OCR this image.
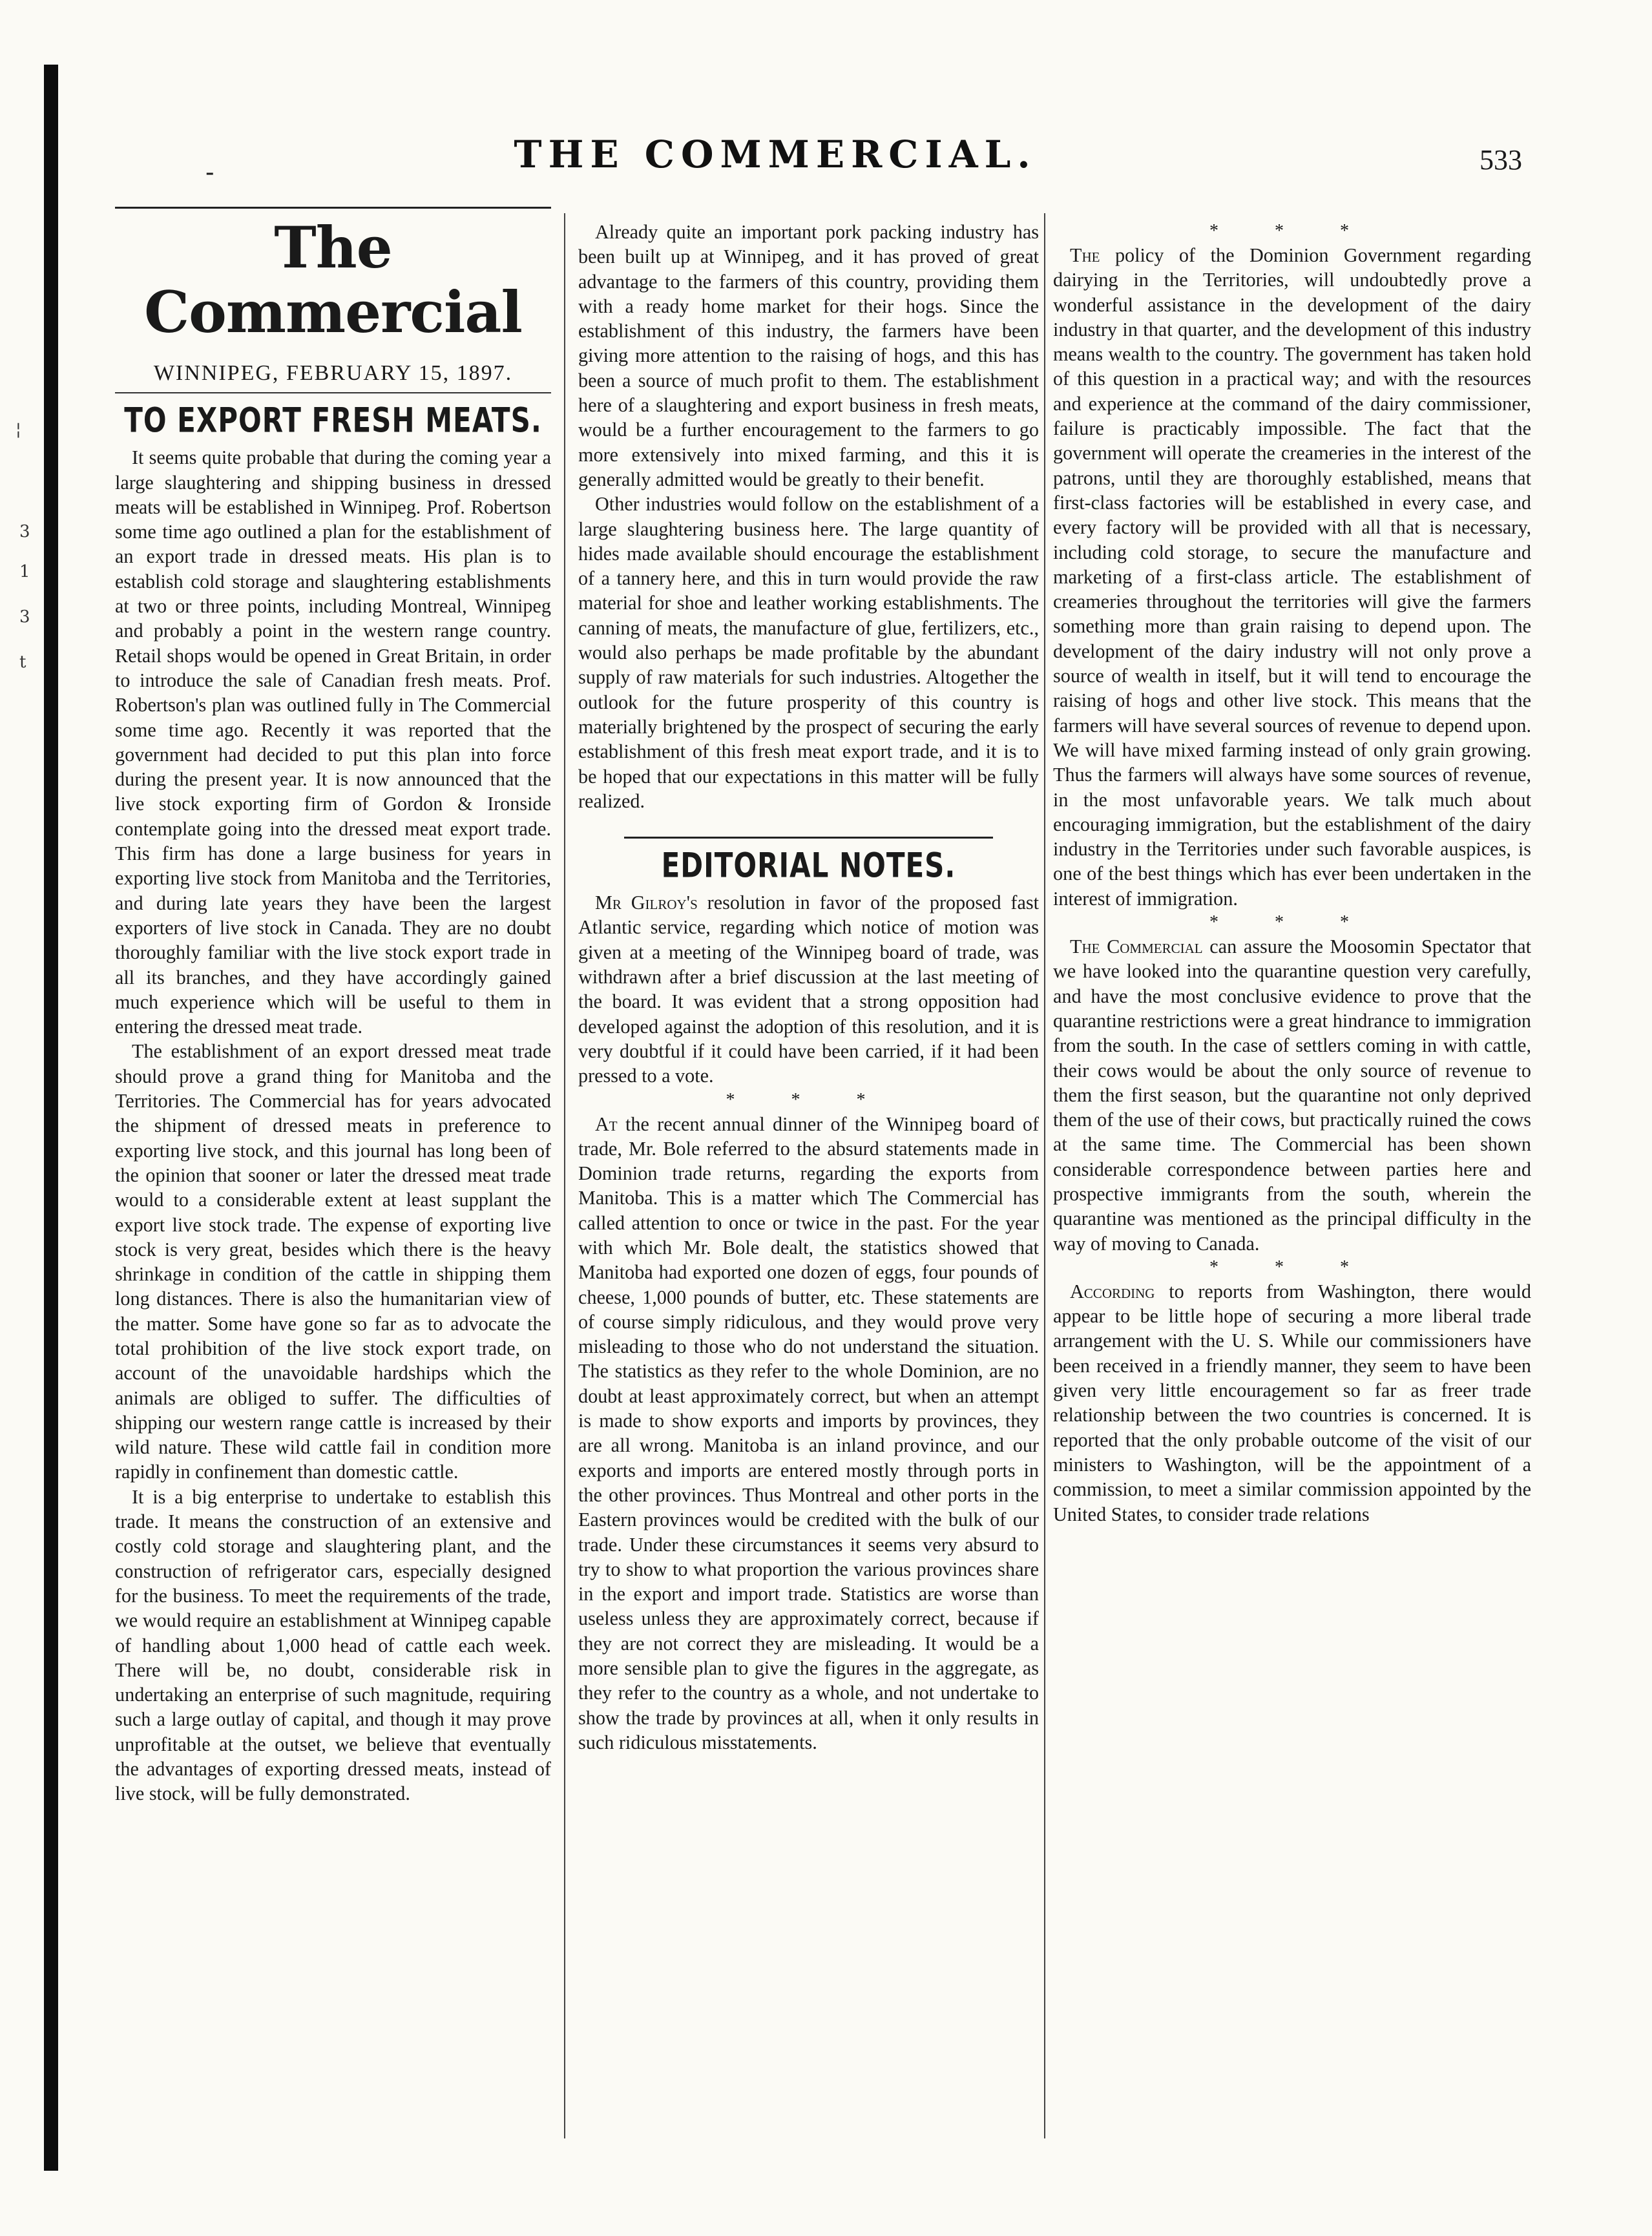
¦
3
1
3
t
-	THE COMMERCIAL.	533
The Commercial
WINNIPEG, FEBRUARY 15, 1897.
TO EXPORT FRESH MEATS.

It seems quite probable that during the coming year a large slaughtering and shipping business in dressed meats will be established in Winnipeg. Prof. Robertson some time ago outlined a plan for the establishment of an export trade in dressed meats. His plan is to establish cold storage and slaughtering establishments at two or three points, including Montreal, Winnipeg and probably a point in the western range country. Retail shops would be opened in Great Britain, in order to introduce the sale of Canadian fresh meats. Prof. Robertson's plan was outlined fully in The Commercial some time ago. Recently it was reported that the government had decided to put this plan into force during the present year. It is now announced that the live stock exporting firm of Gordon & Ironside contemplate going into the dressed meat export trade. This firm has done a large business for years in exporting live stock from Manitoba and the Territories, and during late years they have been the largest exporters of live stock in Canada. They are no doubt thoroughly familiar with the live stock export trade in all its branches, and they have accordingly gained much experience which will be useful to them in entering the dressed meat trade.

The establishment of an export dressed meat trade should prove a grand thing for Manitoba and the Territories. The Commercial has for years advocated the shipment of dressed meats in preference to exporting live stock, and this journal has long been of the opinion that sooner or later the dressed meat trade would to a considerable extent at least supplant the export live stock trade. The expense of exporting live stock is very great, besides which there is the heavy shrinkage in condition of the cattle in shipping them long distances. There is also the humanitarian view of the matter. Some have gone so far as to advocate the total prohibition of the live stock export trade, on account of the unavoidable hardships which the animals are obliged to suffer. The difficulties of shipping our western range cattle is increased by their wild nature. These wild cattle fail in condition more rapidly in confinement than domestic cattle.

It is a big enterprise to undertake to establish this trade. It means the construction of an extensive and costly cold storage and slaughtering plant, and the construction of refrigerator cars, especially designed for the business. To meet the requirements of the trade, we would require an establishment at Winnipeg capable of handling about 1,000 head of cattle each week. There will be, no doubt, considerable risk in undertaking an enterprise of such magnitude, requiring such a large outlay of capital, and though it may prove unprofitable at the outset, we believe that eventually the advantages of exporting dressed meats, instead of live stock, will be fully demonstrated.

Already quite an important pork packing industry has been built up at Winnipeg, and it has proved of great advantage to the farmers of this country, providing them with a ready home market for their hogs. Since the establishment of this industry, the farmers have been giving more attention to the raising of hogs, and this has been a source of much profit to them. The establishment here of a slaughtering and export business in fresh meats, would be a further encouragement to the farmers to go more extensively into mixed farming, and this it is generally admitted would be greatly to their benefit.

Other industries would follow on the establishment of a large slaughtering business here. The large quantity of hides made available should encourage the establishment of a tannery here, and this in turn would provide the raw material for shoe and leather working establishments. The canning of meats, the manufacture of glue, fertilizers, etc., would also perhaps be made profitable by the abundant supply of raw materials for such industries. Altogether the outlook for the future prosperity of this country is materially brightened by the prospect of securing the early establishment of this fresh meat export trade, and it is to be hoped that our expectations in this matter will be fully realized.

EDITORIAL NOTES.

Mr Gilroy's resolution in favor of the proposed fast Atlantic service, regarding which notice of motion was given at a meeting of the Winnipeg board of trade, was withdrawn after a brief discussion at the last meeting of the board. It was evident that a strong opposition had developed against the adoption of this resolution, and it is very doubtful if it could have been carried, if it had been pressed to a vote.

* * *

At the recent annual dinner of the Winnipeg board of trade, Mr. Bole referred to the absurd statements made in Dominion trade returns, regarding the exports from Manitoba. This is a matter which The Commercial has called attention to once or twice in the past. For the year with which Mr. Bole dealt, the statistics showed that Manitoba had exported one dozen of eggs, four pounds of cheese, 1,000 pounds of butter, etc. These statements are of course simply ridiculous, and they would prove very misleading to those who do not understand the situation. The statistics as they refer to the whole Dominion, are no doubt at least approximately correct, but when an attempt is made to show exports and imports by provinces, they are all wrong. Manitoba is an inland province, and our exports and imports are entered mostly through ports in the other provinces. Thus Montreal and other ports in the Eastern provinces would be credited with the bulk of our trade. Under these circumstances it seems very absurd to try to show to what proportion the various provinces share in the export and import trade. Statistics are worse than useless unless they are approximately correct, because if they are not correct they are misleading. It would be a more sensible plan to give the figures in the aggregate, as they refer to the country as a whole, and not undertake to show the trade by provinces at all, when it only results in such ridiculous misstatements.

* * *

The policy of the Dominion Government regarding dairying in the Territories, will undoubtedly prove a wonderful assistance in the development of the dairy industry in that quarter, and the development of this industry means wealth to the country. The government has taken hold of this question in a practical way; and with the resources and experience at the command of the dairy commissioner, failure is practicably impossible. The fact that the government will operate the creameries in the interest of the patrons, until they are thoroughly established, means that first-class factories will be established in every case, and every factory will be provided with all that is necessary, including cold storage, to secure the manufacture and marketing of a first-class article. The establishment of creameries throughout the territories will give the farmers something more than grain raising to depend upon. The development of the dairy industry will not only prove a source of wealth in itself, but it will tend to encourage the raising of hogs and other live stock. This means that the farmers will have several sources of revenue to depend upon. We will have mixed farming instead of only grain growing. Thus the farmers will always have some sources of revenue, in the most unfavorable years. We talk much about encouraging immigration, but the establishment of the dairy industry in the Territories under such favorable auspices, is one of the best things which has ever been undertaken in the interest of immigration.

* * *

The Commercial can assure the Moosomin Spectator that we have looked into the quarantine question very carefully, and have the most conclusive evidence to prove that the quarantine restrictions were a great hindrance to immigration from the south. In the case of settlers coming in with cattle, their cows would be about the only source of revenue to them the first season, but the quarantine not only deprived them of the use of their cows, but practically ruined the cows at the same time. The Commercial has been shown considerable correspondence between parties here and prospective immigrants from the south, wherein the quarantine was mentioned as the principal difficulty in the way of moving to Canada.

* * *

According to reports from Washington, there would appear to be little hope of securing a more liberal trade arrangement with the U. S. While our commissioners have been received in a friendly manner, they seem to have been given very little encouragement so far as freer trade relationship between the two countries is concerned. It is reported that the only probable outcome of the visit of our ministers to Washington, will be the appointment of a commission, to meet a similar commission appointed by the United States, to consider trade relations
